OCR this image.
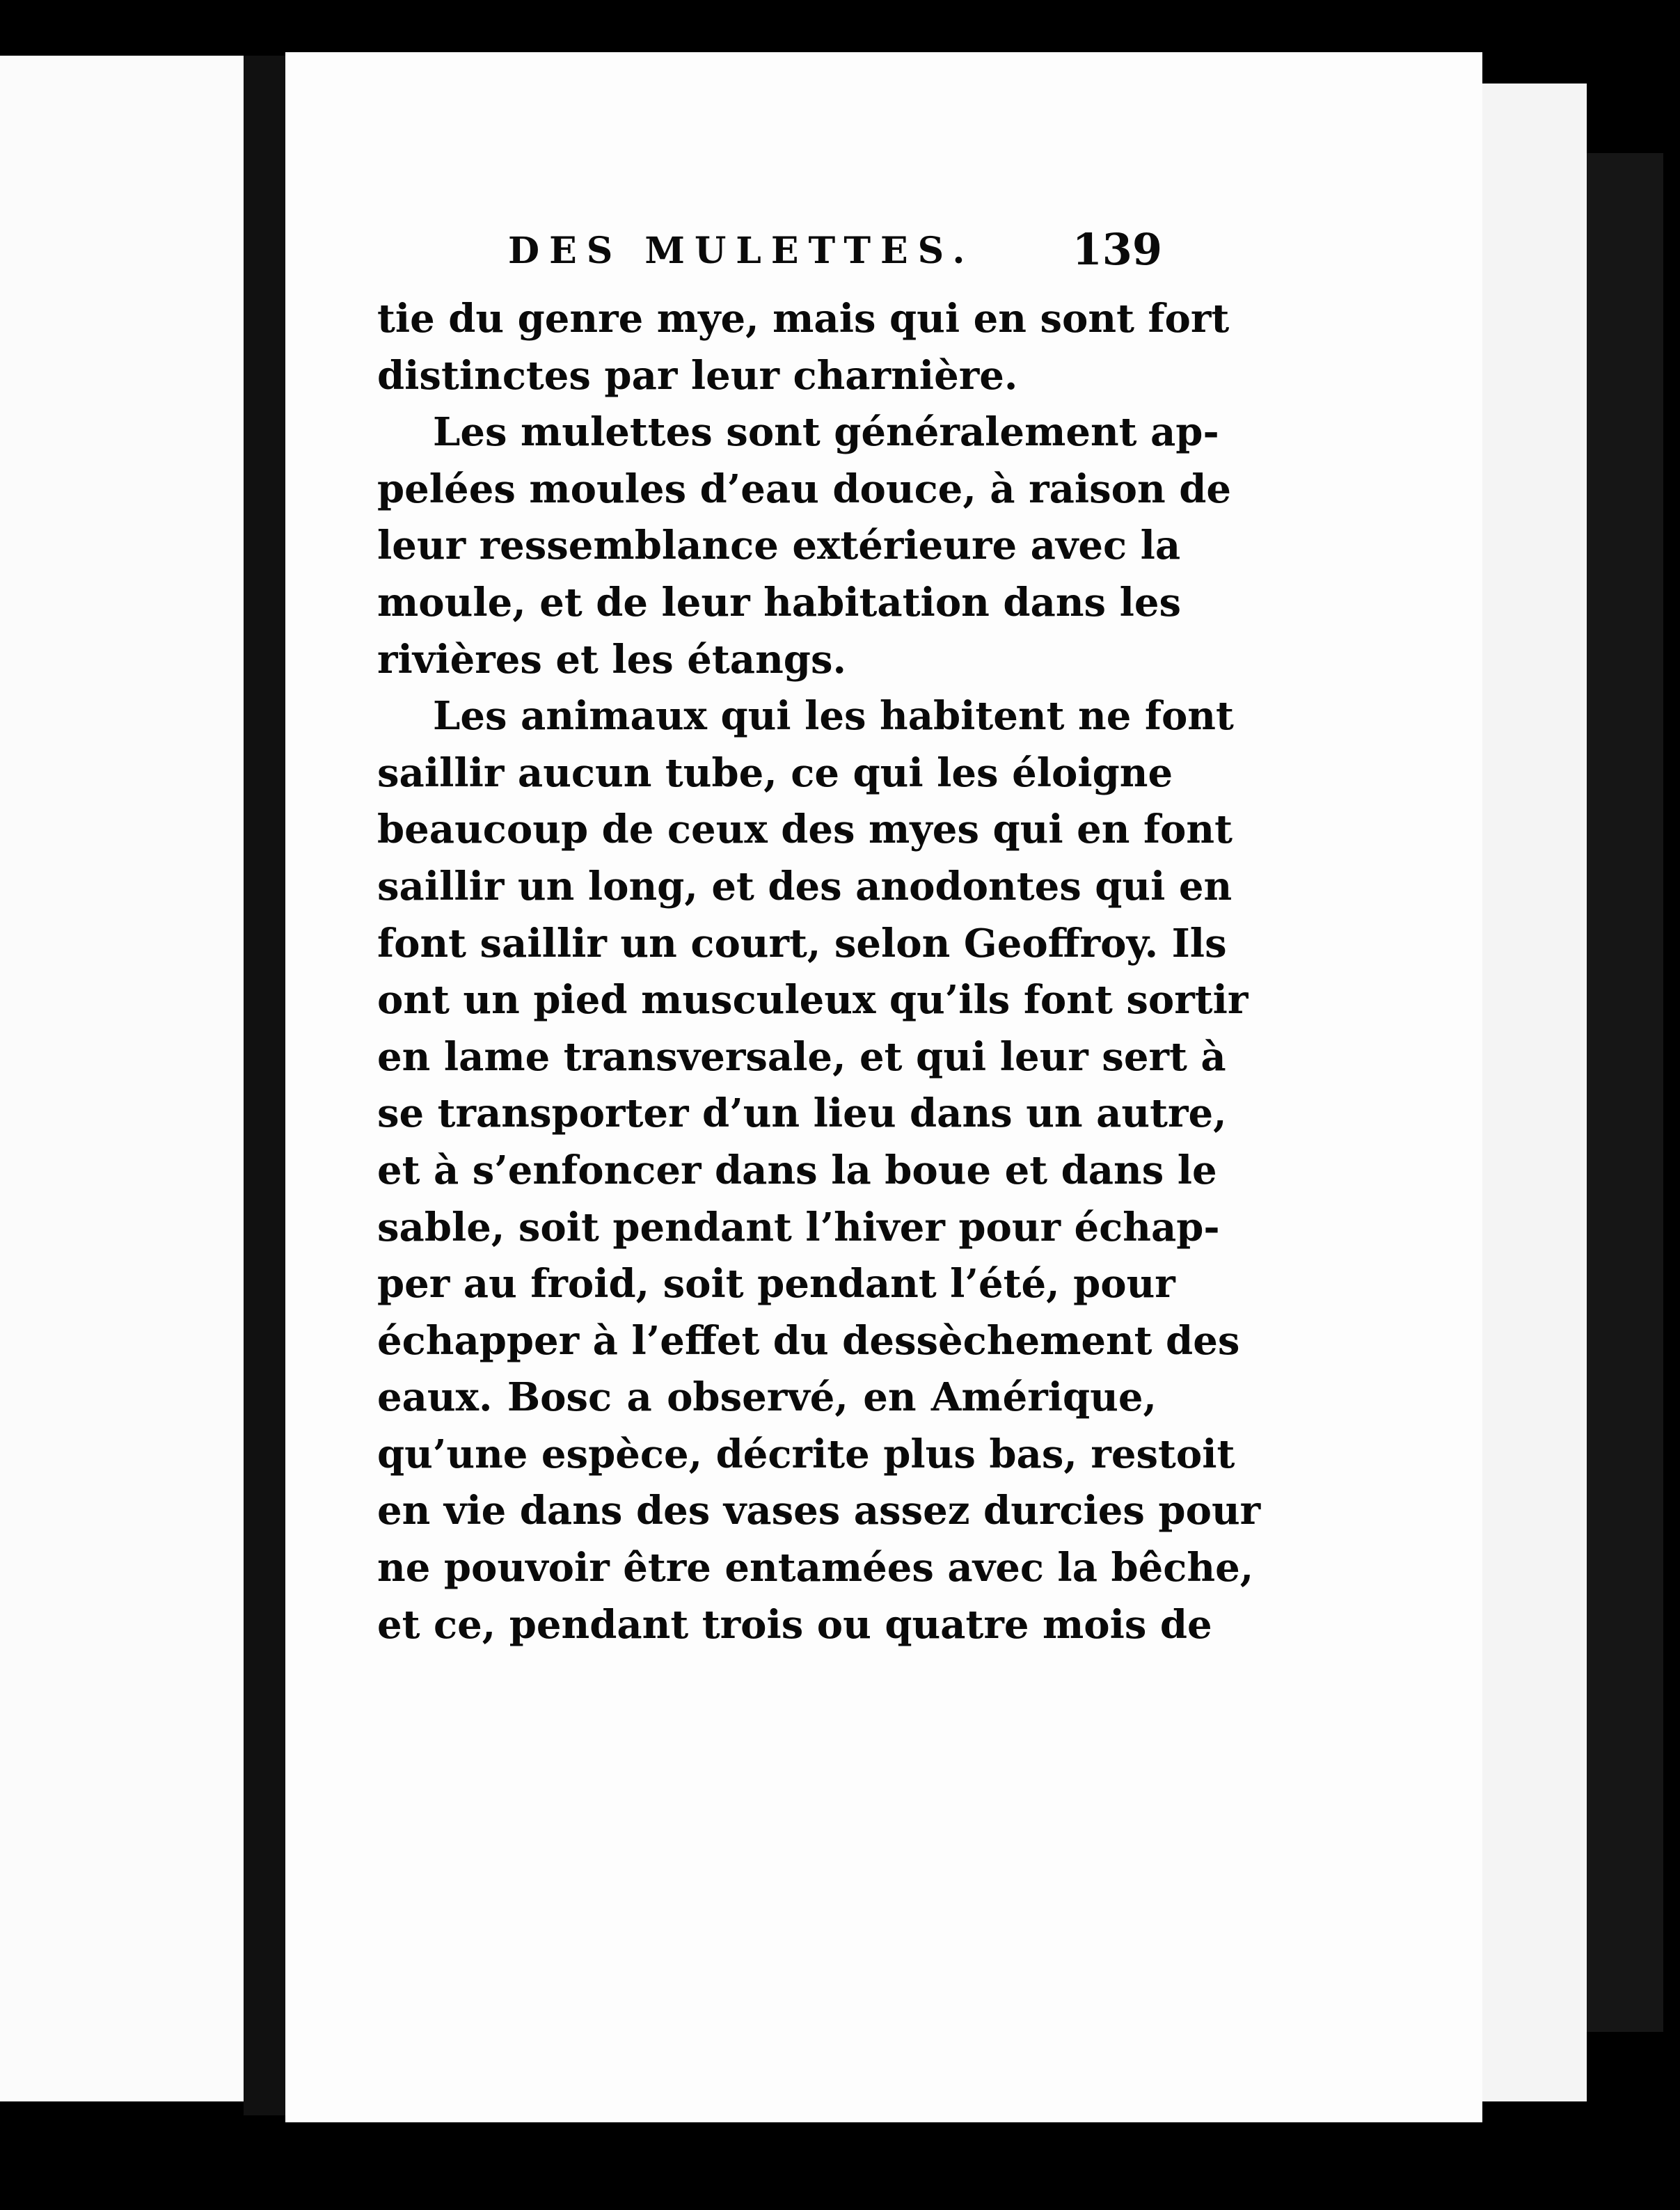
DES MULETTES. 139
tie du genre mye, mais qui en sont fort
distinctes par leur charnière.
Les mulettes sont généralement ap-
pelées moules d’eau douce, à raison de
leur ressemblance extérieure avec la
moule, et de leur habitation dans les
rivières et les étangs.
Les animaux qui les habitent ne font
saillir aucun tube, ce qui les éloigne
beaucoup de ceux des myes qui en font
saillir un long, et des anodontes qui en
font saillir un court, selon Geoffroy. Ils
ont un pied musculeux qu’ils font sortir
en lame transversale, et qui leur sert à
se transporter d’un lieu dans un autre,
et à s’enfoncer dans la boue et dans le
sable, soit pendant l’hiver pour échap-
per au froid, soit pendant l’été, pour
échapper à l’effet du dessèchement des
eaux. Bosc a observé, en Amérique,
qu’une espèce, décrite plus bas, restoit
en vie dans des vases assez durcies pour
ne pouvoir être entamées avec la bêche,
et ce, pendant trois ou quatre mois de
